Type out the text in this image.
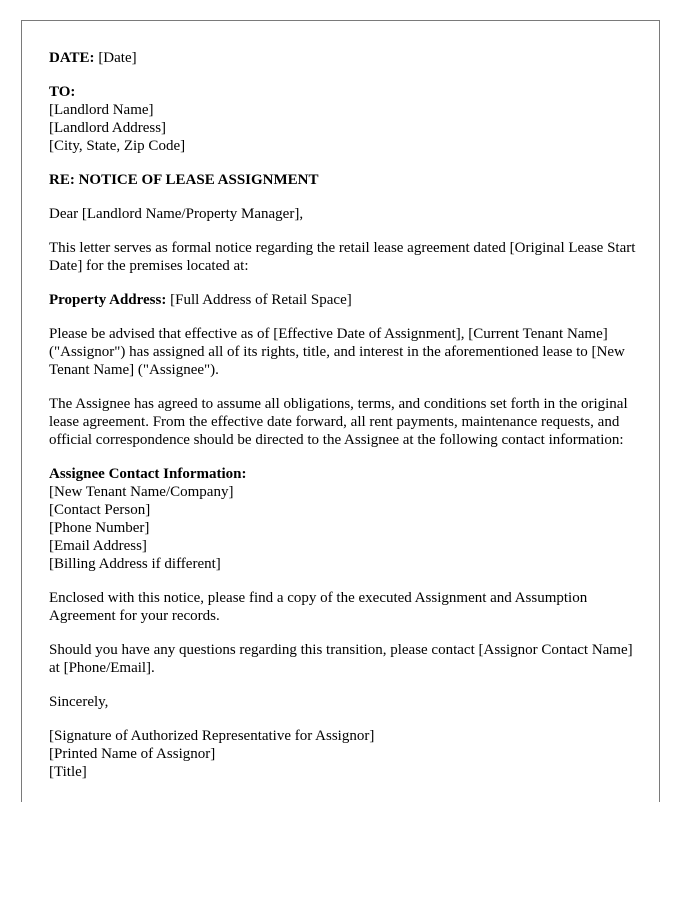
DATE: [Date]

TO:
[Landlord Name]
[Landlord Address]
[City, State, Zip Code]

RE: NOTICE OF LEASE ASSIGNMENT

Dear [Landlord Name/Property Manager],

This letter serves as formal notice regarding the retail lease agreement dated [Original Lease Start Date] for the premises located at:

Property Address: [Full Address of Retail Space]

Please be advised that effective as of [Effective Date of Assignment], [Current Tenant Name] ("Assignor") has assigned all of its rights, title, and interest in the aforementioned lease to [New Tenant Name] ("Assignee").

The Assignee has agreed to assume all obligations, terms, and conditions set forth in the original lease agreement. From the effective date forward, all rent payments, maintenance requests, and official correspondence should be directed to the Assignee at the following contact information:

Assignee Contact Information:
[New Tenant Name/Company]
[Contact Person]
[Phone Number]
[Email Address]
[Billing Address if different]

Enclosed with this notice, please find a copy of the executed Assignment and Assumption Agreement for your records.

Should you have any questions regarding this transition, please contact [Assignor Contact Name] at [Phone/Email].

Sincerely,

[Signature of Authorized Representative for Assignor]
[Printed Name of Assignor]
[Title]
